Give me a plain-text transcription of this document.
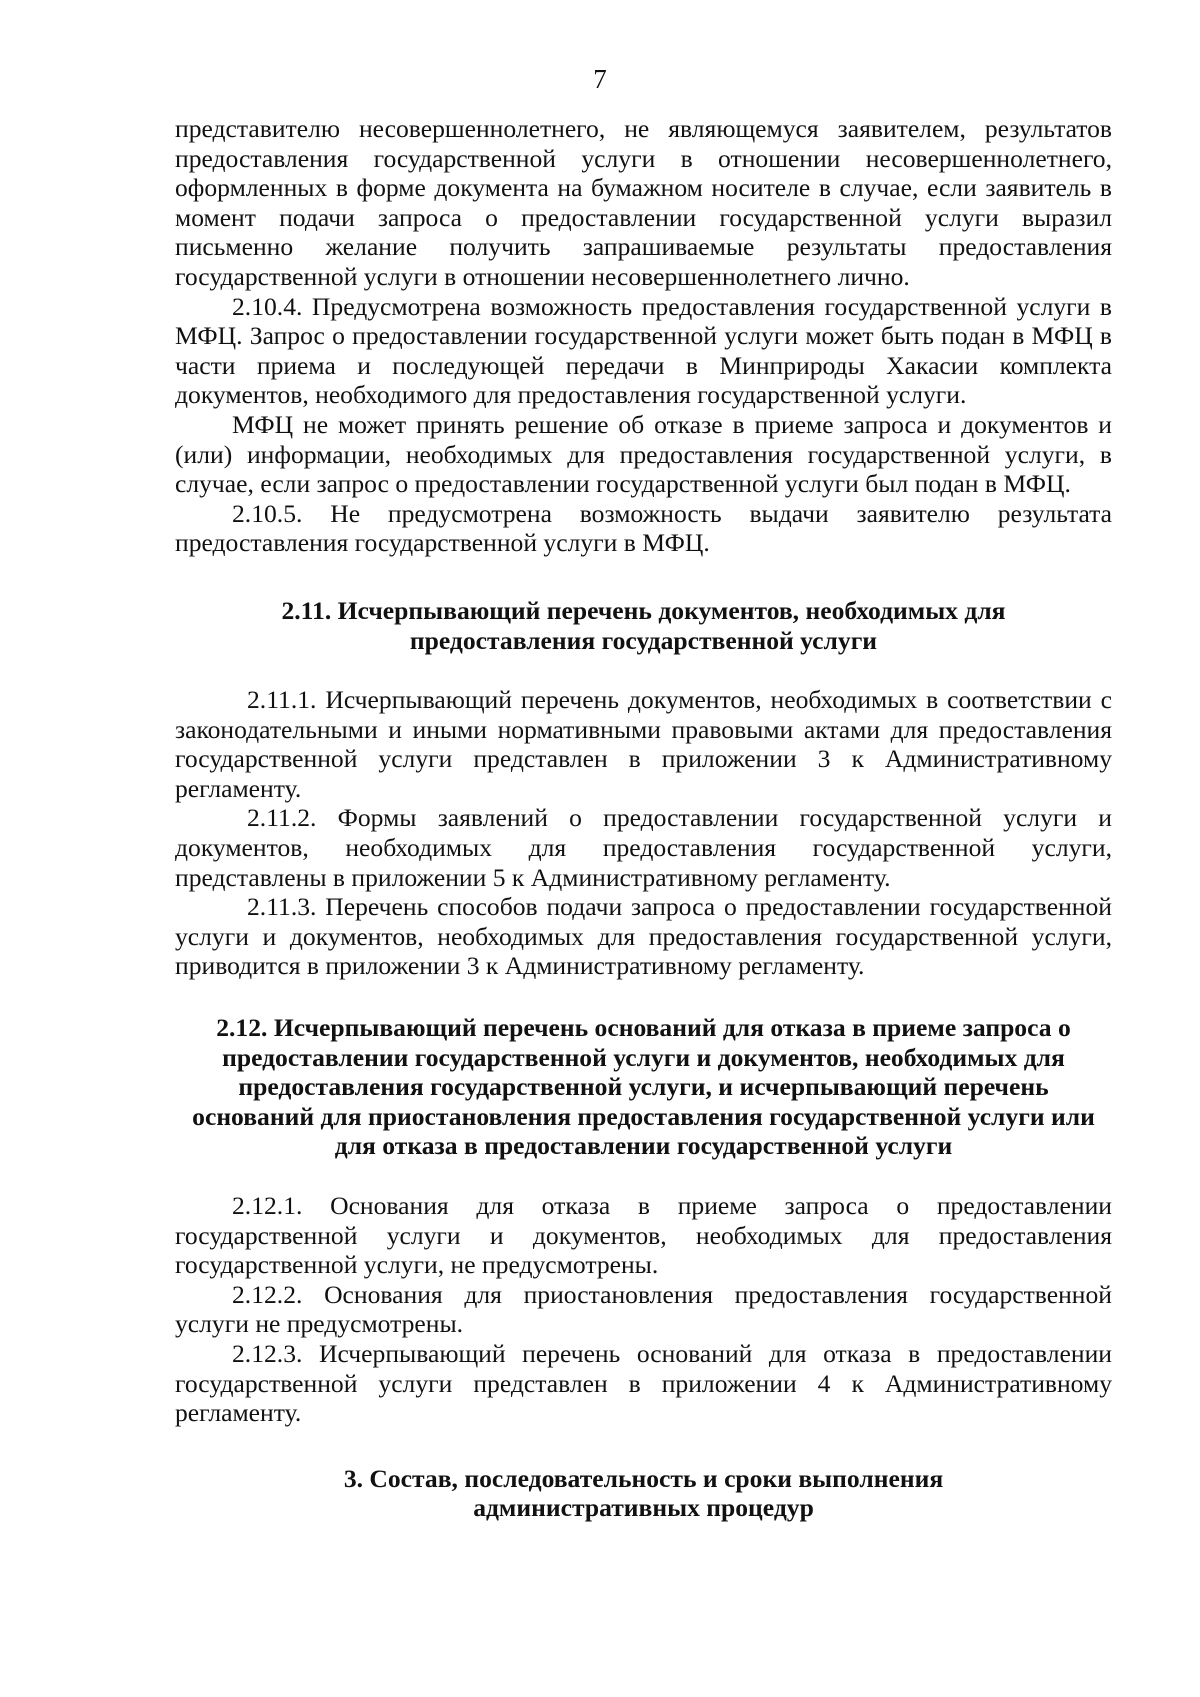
7

представителю несовершеннолетнего, не являющемуся заявителем, результатов предоставления государственной услуги в отношении несовершеннолетнего, оформленных в форме документа на бумажном носителе в случае, если заявитель в момент подачи запроса о предоставлении государственной услуги выразил письменно желание получить запрашиваемые результаты предоставления государственной услуги в отношении несовершеннолетнего лично.

2.10.4. Предусмотрена возможность предоставления государственной услуги в МФЦ. Запрос о предоставлении государственной услуги может быть подан в МФЦ в части приема и последующей передачи в Минприроды Хакасии комплекта документов, необходимого для предоставления государственной услуги.

МФЦ не может принять решение об отказе в приеме запроса и документов и (или) информации, необходимых для предоставления государственной услуги, в случае, если запрос о предоставлении государственной услуги был подан в МФЦ.

2.10.5. Не предусмотрена возможность выдачи заявителю результата предоставления государственной услуги в МФЦ.

2.11. Исчерпывающий перечень документов, необходимых для
предоставления государственной услуги

2.11.1. Исчерпывающий перечень документов, необходимых в соответствии с законодательными и иными нормативными правовыми актами для предоставления государственной услуги представлен в приложении 3 к Административному регламенту.

2.11.2. Формы заявлений о предоставлении государственной услуги и документов, необходимых для предоставления государственной услуги, представлены в приложении 5 к Административному регламенту.

2.11.3. Перечень способов подачи запроса о предоставлении государственной услуги и документов, необходимых для предоставления государственной услуги, приводится в приложении 3 к Административному регламенту.

2.12. Исчерпывающий перечень оснований для отказа в приеме запроса о
предоставлении государственной услуги и документов, необходимых для
предоставления государственной услуги, и исчерпывающий перечень
оснований для приостановления предоставления государственной услуги или
для отказа в предоставлении государственной услуги

2.12.1. Основания для отказа в приеме запроса о предоставлении государственной услуги и документов, необходимых для предоставления государственной услуги, не предусмотрены.

2.12.2. Основания для приостановления предоставления государственной услуги не предусмотрены.

2.12.3. Исчерпывающий перечень оснований для отказа в предоставлении государственной услуги представлен в приложении 4 к Административному регламенту.

3. Состав, последовательность и сроки выполнения
административных процедур
